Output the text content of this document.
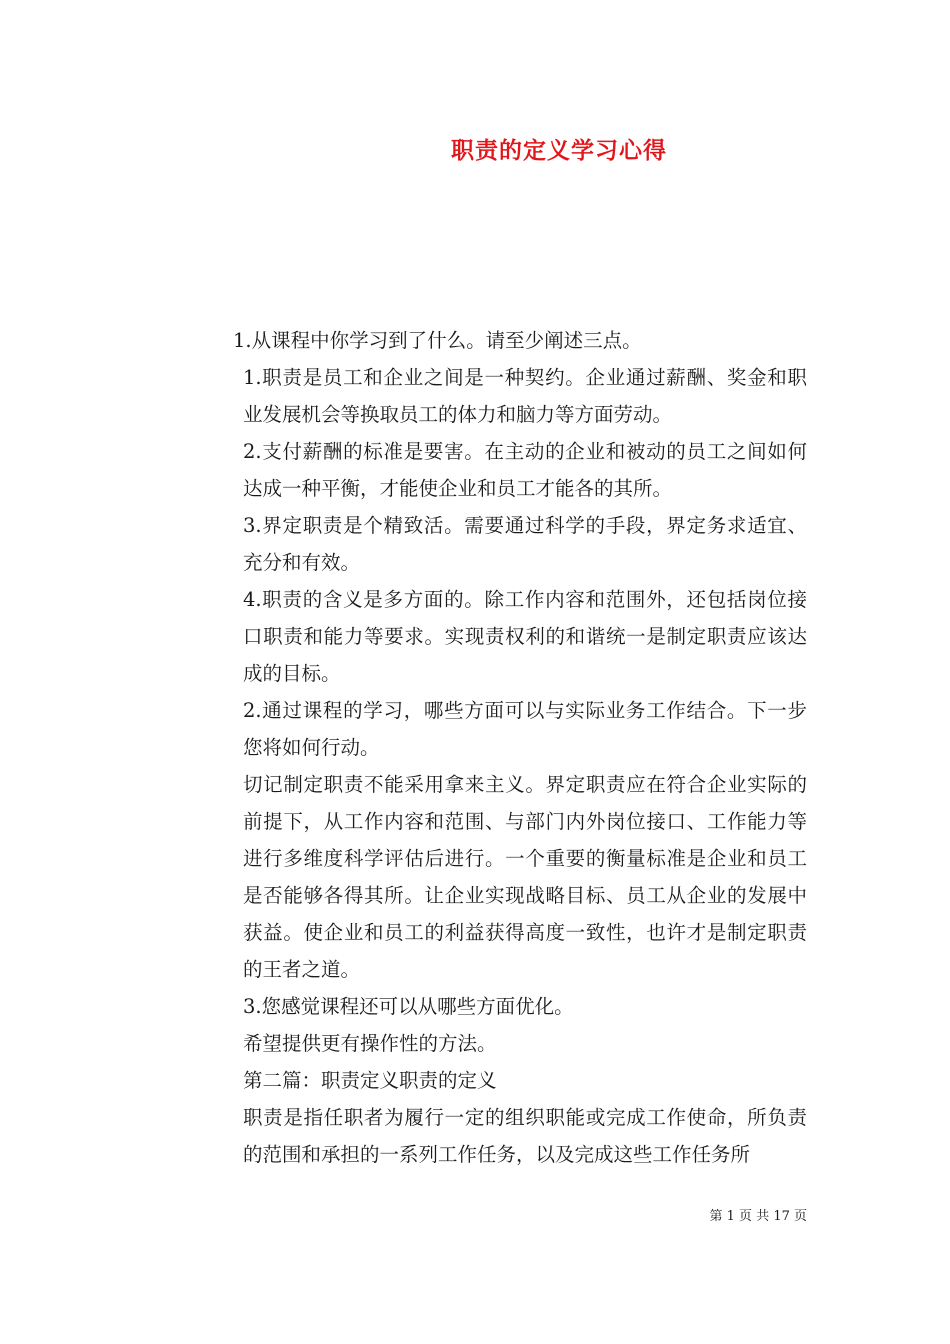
职责的定义学习心得

1.从课程中你学习到了什么。请至少阐述三点。

1.职责是员工和企业之间是一种契约。企业通过薪酬、奖金和职业发展机会等换取员工的体力和脑力等方面劳动。

2.支付薪酬的标准是要害。在主动的企业和被动的员工之间如何达成一种平衡，才能使企业和员工才能各的其所。

3.界定职责是个精致活。需要通过科学的手段，界定务求适宜、充分和有效。

4.职责的含义是多方面的。除工作内容和范围外，还包括岗位接口职责和能力等要求。实现责权利的和谐统一是制定职责应该达成的目标。

2.通过课程的学习，哪些方面可以与实际业务工作结合。下一步您将如何行动。

切记制定职责不能采用拿来主义。界定职责应在符合企业实际的前提下，从工作内容和范围、与部门内外岗位接口、工作能力等进行多维度科学评估后进行。一个重要的衡量标准是企业和员工是否能够各得其所。让企业实现战略目标、员工从企业的发展中获益。使企业和员工的利益获得高度一致性，也许才是制定职责的王者之道。

3.您感觉课程还可以从哪些方面优化。

希望提供更有操作性的方法。

第二篇：职责定义职责的定义

职责是指任职者为履行一定的组织职能或完成工作使命，所负责的范围和承担的一系列工作任务，以及完成这些工作任务所

第 1 页 共 17 页
